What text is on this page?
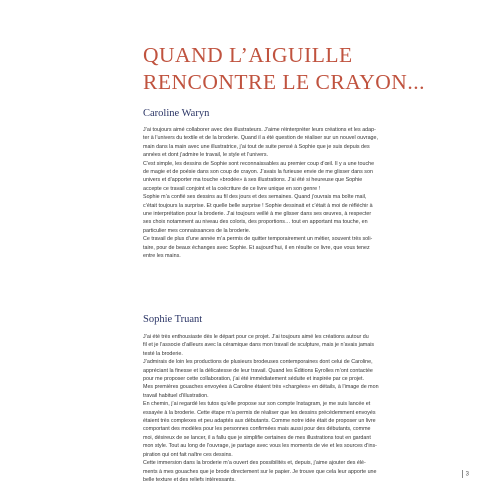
QUAND L’AIGUILLE
RENCONTRE LE CRAYON...
Caroline Waryn
J’ai toujours aimé collaborer avec des illustrateurs. J’aime réinterpréter leurs créations et les adap-
ter à l’univers du textile et de la broderie. Quand il a été question de réaliser sur un nouvel ouvrage,
main dans la main avec une illustratrice, j’ai tout de suite pensé à Sophie que je suis depuis des
années et dont j’admire le travail, le style et l’univers.
C’est simple, les dessins de Sophie sont reconnaissables au premier coup d’œil. Il y a une touche
de magie et de poésie dans son coup de crayon. J’avais la furieuse envie de me glisser dans son
univers et d’apporter ma touche «brodée» à ses illustrations. J’ai été si heureuse que Sophie
accepte ce travail conjoint et la coécriture de ce livre unique en son genre !
Sophie m’a confié ses dessins au fil des jours et des semaines. Quand j’ouvrais ma boîte mail,
c’était toujours la surprise. Et quelle belle surprise ! Sophie dessinait et c’était à moi de réfléchir à
une interprétation pour la broderie. J’ai toujours veillé à me glisser dans ses œuvres, à respecter
ses choix notamment au niveau des coloris, des proportions… tout en apportant ma touche, en
particulier mes connaissances de la broderie.
Ce travail de plus d’une année m’a permis de quitter temporairement un métier, souvent très soli-
taire, pour de beaux échanges avec Sophie. Et aujourd’hui, il en résulte ce livre, que vous tenez
entre les mains.
Sophie Truant
J’ai été très enthousiaste dès le départ pour ce projet. J’ai toujours aimé les créations autour du
fil et je l’associe d’ailleurs avec la céramique dans mon travail de sculpture, mais je n’avais jamais
testé la broderie.
J’admirais de loin les productions de plusieurs brodeuses contemporaines dont celui de Caroline,
appréciant la finesse et la délicatesse de leur travail. Quand les Éditions Eyrolles m’ont contactée
pour me proposer cette collaboration, j’ai été immédiatement séduite et inspirée par ce projet.
Mes premières gouaches envoyées à Caroline étaient très «chargées» en détails, à l’image de mon
travail habituel d’illustration.
En chemin, j’ai regardé les tutos qu’elle propose sur son compte Instagram, je me suis lancée et
essayée à la broderie. Cette étape m’a permis de réaliser que les dessins précédemment envoyés
étaient très complexes et peu adaptés aux débutants. Comme notre idée était de proposer un livre
comportant des modèles pour les personnes confirmées mais aussi pour des débutants, comme
moi, désireux de se lancer, il a fallu que je simplifie certaines de mes illustrations tout en gardant
mon style. Tout au long de l’ouvrage, je partage avec vous les moments de vie et les sources d’ins-
piration qui ont fait naître ces dessins.
Cette immersion dans la broderie m’a ouvert des possibilités et, depuis, j’aime ajouter des élé-
ments à mes gouaches que je brode directement sur le papier. Je trouve que cela leur apporte une
belle texture et des reliefs intéressants.
3
